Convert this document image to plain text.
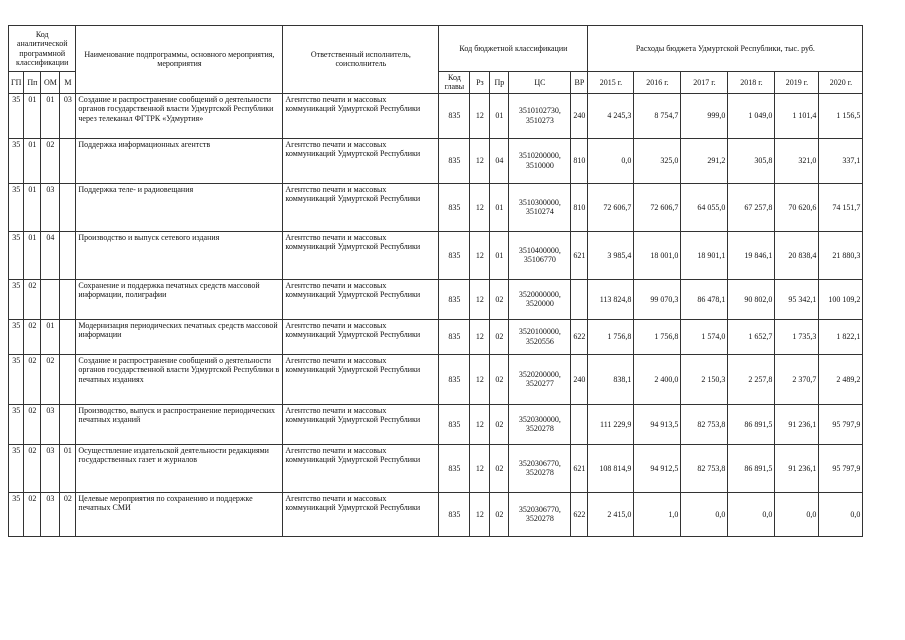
Код аналитической программной классификации				Наименование подпрограммы, основного мероприятия, мероприятия	Ответственный исполнитель, соисполнитель	Код бюджетной классификации					Расходы бюджета Удмуртской Республики, тыс. руб.					
ГП	Пп	ОМ	М			Код главы	Рз	Пр	ЦС	ВР	2015 г.	2016 г.	2017 г.	2018 г.	2019 г.	2020 г.
35	01	01	03	Создание и распространение сообщений о деятельности органов государственной власти Удмуртской Республики через телеканал ФГТРК «Удмуртия»	Агентство печати и массовых коммуникаций Удмуртской Республики	835	12	01	3510102730, 3510273	240	4 245,3	8 754,7	999,0	1 049,0	1 101,4	1 156,5
35	01	02		Поддержка информационных агентств	Агентство печати и массовых коммуникаций Удмуртской Республики	835	12	04	3510200000, 3510000	810	0,0	325,0	291,2	305,8	321,0	337,1
35	01	03		Поддержка теле- и радиовещания	Агентство печати и массовых коммуникаций Удмуртской Республики	835	12	01	3510300000, 3510274	810	72 606,7	72 606,7	64 055,0	67 257,8	70 620,6	74 151,7
35	01	04		Производство и выпуск сетевого издания	Агентство печати и массовых коммуникаций Удмуртской Республики	835	12	01	3510400000, 35106770	621	3 985,4	18 001,0	18 901,1	19 846,1	20 838,4	21 880,3
35	02			Сохранение и поддержка печатных средств массовой информации, полиграфии	Агентство печати и массовых коммуникаций Удмуртской Республики	835	12	02	3520000000, 3520000		113 824,8	99 070,3	86 478,1	90 802,0	95 342,1	100 109,2
35	02	01		Модернизация периодических печатных средств массовой информации	Агентство печати и массовых коммуникаций Удмуртской Республики	835	12	02	3520100000, 3520556	622	1 756,8	1 756,8	1 574,0	1 652,7	1 735,3	1 822,1
35	02	02		Создание и распространение сообщений о деятельности органов государственной власти Удмуртской Республики в печатных изданиях	Агентство печати и массовых коммуникаций Удмуртской Республики	835	12	02	3520200000, 3520277	240	838,1	2 400,0	2 150,3	2 257,8	2 370,7	2 489,2
35	02	03		Производство, выпуск и распространение периодических печатных изданий	Агентство печати и массовых коммуникаций Удмуртской Республики	835	12	02	3520300000, 3520278		111 229,9	94 913,5	82 753,8	86 891,5	91 236,1	95 797,9
35	02	03	01	Осуществление издательской деятельности редакциями государственных газет и журналов	Агентство печати и массовых коммуникаций Удмуртской Республики	835	12	02	3520306770, 3520278	621	108 814,9	94 912,5	82 753,8	86 891,5	91 236,1	95 797,9
35	02	03	02	Целевые мероприятия по сохранению и поддержке печатных СМИ	Агентство печати и массовых коммуникаций Удмуртской Республики	835	12	02	3520306770, 3520278	622	2 415,0	1,0	0,0	0,0	0,0	0,0
